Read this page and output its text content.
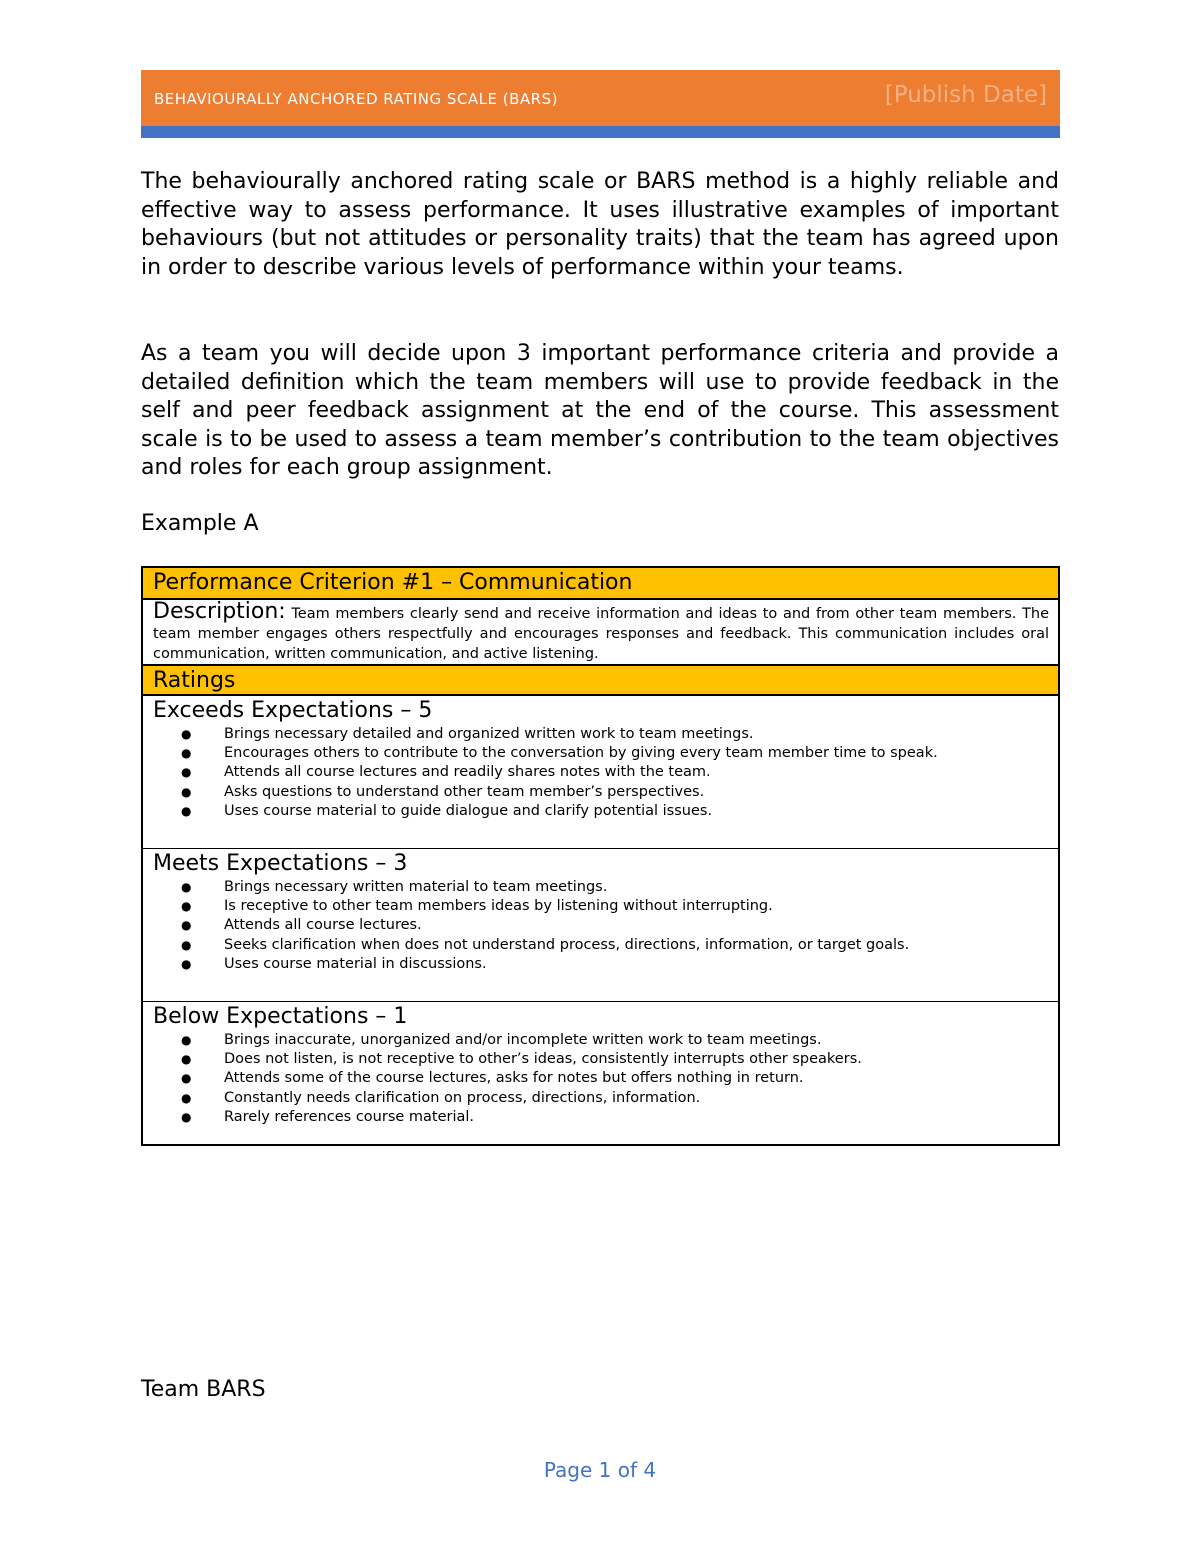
BEHAVIOURALLY ANCHORED RATING SCALE (BARS)	[Publish Date]

The behaviourally anchored rating scale or BARS method is a highly reliable and effective way to assess performance. It uses illustrative examples of important behaviours (but not attitudes or personality traits) that the team has agreed upon in order to describe various levels of performance within your teams.

As a team you will decide upon 3 important performance criteria and provide a detailed definition which the team members will use to provide feedback in the self and peer feedback assignment at the end of the course. This assessment scale is to be used to assess a team member’s contribution to the team objectives and roles for each group assignment.

Example A

Performance Criterion #1 – Communication

Description: Team members clearly send and receive information and ideas to and from other team members. The team member engages others respectfully and encourages responses and feedback. This communication includes oral communication, written communication, and active listening.

Ratings
Exceeds Expectations – 5
● Brings necessary detailed and organized written work to team meetings.
● Encourages others to contribute to the conversation by giving every team member time to speak.
● Attends all course lectures and readily shares notes with the team.
● Asks questions to understand other team member’s perspectives.
● Uses course material to guide dialogue and clarify potential issues.
Meets Expectations – 3
● Brings necessary written material to team meetings.
● Is receptive to other team members ideas by listening without interrupting.
● Attends all course lectures.
● Seeks clarification when does not understand process, directions, information, or target goals.
● Uses course material in discussions.
Below Expectations – 1
● Brings inaccurate, unorganized and/or incomplete written work to team meetings.
● Does not listen, is not receptive to other’s ideas, consistently interrupts other speakers.
● Attends some of the course lectures, asks for notes but offers nothing in return.
● Constantly needs clarification on process, directions, information.
● Rarely references course material.

Team BARS

Page 1 of 4
